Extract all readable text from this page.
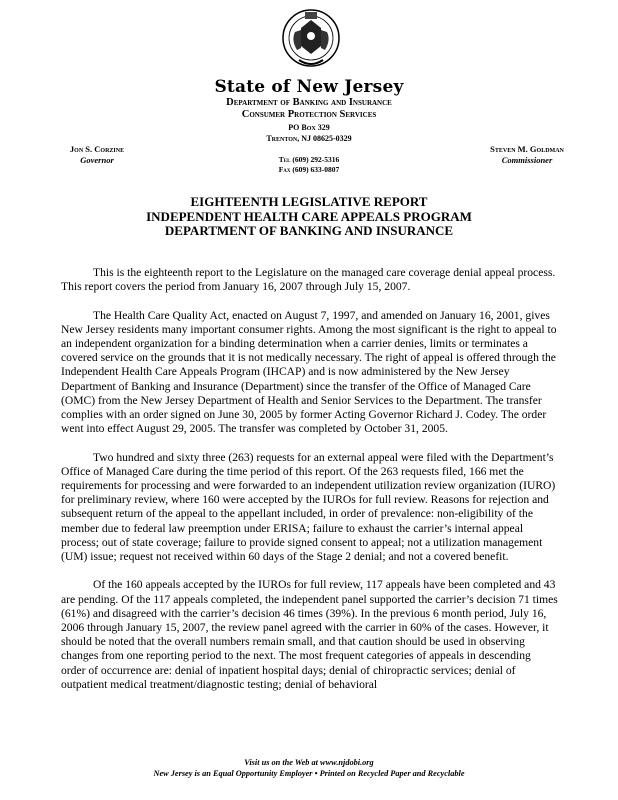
State of New Jersey
Department of Banking and Insurance
Consumer Protection Services
PO Box 329
Trenton, NJ 08625-0329
Jon S. Corzine
Governor
Steven M. Goldman
Commissioner
Tel (609) 292-5316
Fax (609) 633-0807
EIGHTEENTH LEGISLATIVE REPORT
INDEPENDENT HEALTH CARE APPEALS PROGRAM
DEPARTMENT OF BANKING AND INSURANCE

This is the eighteenth report to the Legislature on the managed care coverage denial appeal process. This report covers the period from January 16, 2007 through July 15, 2007.

The Health Care Quality Act, enacted on August 7, 1997, and amended on January 16, 2001, gives New Jersey residents many important consumer rights. Among the most significant is the right to appeal to an independent organization for a binding determination when a carrier denies, limits or terminates a covered service on the grounds that it is not medically necessary. The right of appeal is offered through the Independent Health Care Appeals Program (IHCAP) and is now administered by the New Jersey Department of Banking and Insurance (Department) since the transfer of the Office of Managed Care (OMC) from the New Jersey Department of Health and Senior Services to the Department. The transfer complies with an order signed on June 30, 2005 by former Acting Governor Richard J. Codey. The order went into effect August 29, 2005. The transfer was completed by October 31, 2005.

Two hundred and sixty three (263) requests for an external appeal were filed with the Department’s Office of Managed Care during the time period of this report. Of the 263 requests filed, 166 met the requirements for processing and were forwarded to an independent utilization review organization (IURO) for preliminary review, where 160 were accepted by the IUROs for full review. Reasons for rejection and subsequent return of the appeal to the appellant included, in order of prevalence: non-eligibility of the member due to federal law preemption under ERISA; failure to exhaust the carrier’s internal appeal process; out of state coverage; failure to provide signed consent to appeal; not a utilization management (UM) issue; request not received within 60 days of the Stage 2 denial; and not a covered benefit.

Of the 160 appeals accepted by the IUROs for full review, 117 appeals have been completed and 43 are pending. Of the 117 appeals completed, the independent panel supported the carrier’s decision 71 times (61%) and disagreed with the carrier’s decision 46 times (39%). In the previous 6 month period, July 16, 2006 through January 15, 2007, the review panel agreed with the carrier in 60% of the cases. However, it should be noted that the overall numbers remain small, and that caution should be used in observing changes from one reporting period to the next. The most frequent categories of appeals in descending order of occurrence are: denial of inpatient hospital days; denial of chiropractic services; denial of outpatient medical treatment/diagnostic testing; denial of behavioral

Visit us on the Web at www.njdobi.org
New Jersey is an Equal Opportunity Employer • Printed on Recycled Paper and Recyclable
